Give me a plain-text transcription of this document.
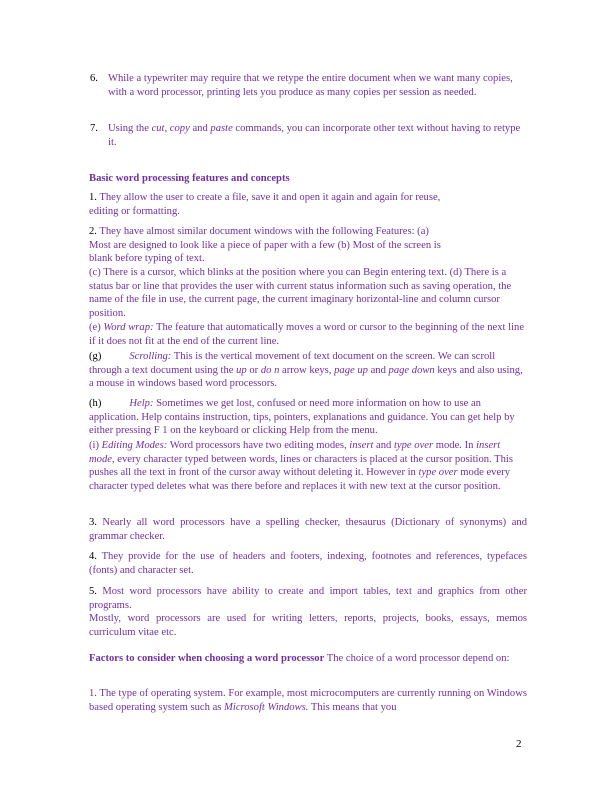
6. While a typewriter may require that we retype the entire document when we want many copies, with a word processor, printing lets you produce as many copies per session as needed.
7. Using the cut, copy and paste commands, you can incorporate other text without having to retype it.
Basic word processing features and concepts
1. They allow the user to create a file, save it and open it again and again for reuse, editing or formatting.
2. They have almost similar document windows with the following Features: (a) Most are designed to look like a piece of paper with a few (b) Most of the screen is blank before typing of text.
(c) There is a cursor, which blinks at the position where you can Begin entering text. (d) There is a status bar or line that provides the user with current status information such as saving operation, the name of the file in use, the current page, the current imaginary horizontal-line and column cursor position.
(e) Word wrap: The feature that automatically moves a word or cursor to the beginning of the next line if it does not fit at the end of the current line.
(g)	Scrolling: This is the vertical movement of text document on the screen. We can scroll through a text document using the up or do n arrow keys, page up and page down keys and also using, a mouse in windows based word processors.
(h)	Help: Sometimes we get lost, confused or need more information on how to use an application. Help contains instruction, tips, pointers, explanations and guidance. You can get help by either pressing F 1 on the keyboard or clicking Help from the menu.
(i) Editing Modes: Word processors have two editing modes, insert and type over mode. In insert mode, every character typed between words, lines or characters is placed at the cursor position. This pushes all the text in front of the cursor away without deleting it. However in type over mode every character typed deletes what was there before and replaces it with new text at the cursor position.
3. Nearly all word processors have a spelling checker, thesaurus (Dictionary of synonyms) and grammar checker.
4. They provide for the use of headers and footers, indexing, footnotes and references, typefaces (fonts) and character set.
5. Most word processors have ability to create and import tables, text and graphics from other programs.
Mostly, word processors are used for writing letters, reports, projects, books, essays, memos curriculum vitae etc.
Factors to consider when choosing a word processor The choice of a word processor depend on:
1. The type of operating system. For example, most microcomputers are currently running on Windows based operating system such as Microsoft Windows. This means that you
2
